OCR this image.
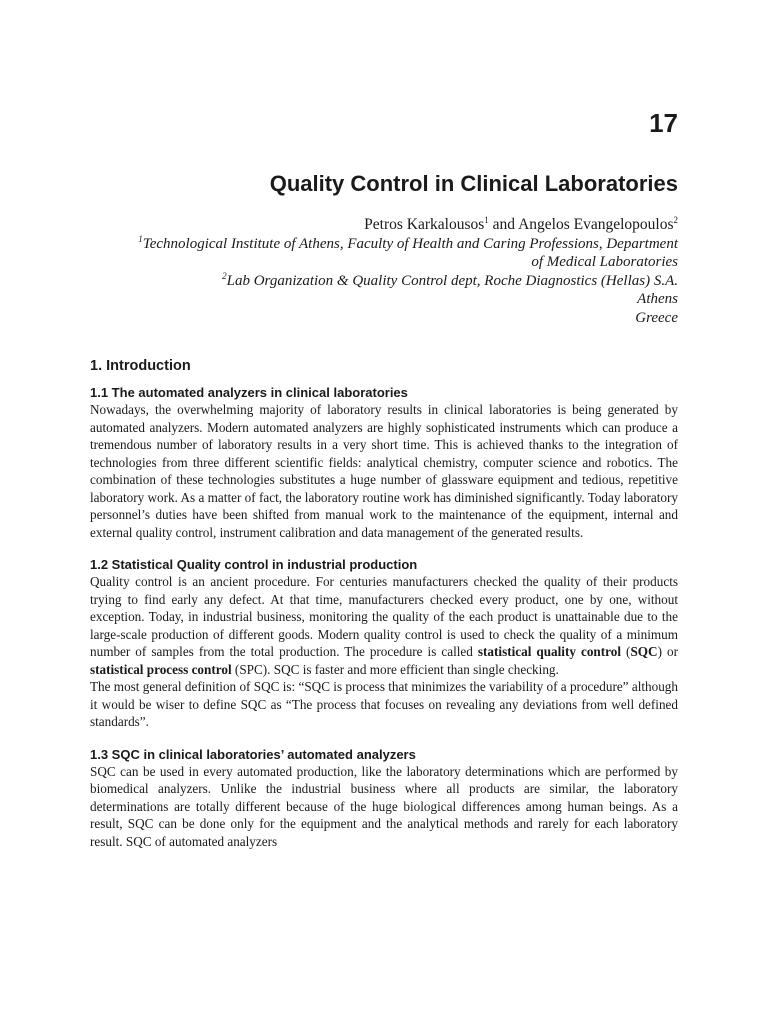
17
Quality Control in Clinical Laboratories
Petros Karkalousos$^1$ and Angelos Evangelopoulos$^2$
$^1$Technological Institute of Athens, Faculty of Health and Caring Professions, Department
of Medical Laboratories
$^2$Lab Organization & Quality Control dept, Roche Diagnostics (Hellas) S.A.
Athens
Greece
1. Introduction
1.1 The automated analyzers in clinical laboratories

Nowadays, the overwhelming majority of laboratory results in clinical laboratories is being generated by automated analyzers. Modern automated analyzers are highly sophisticated instruments which can produce a tremendous number of laboratory results in a very short time. This is achieved thanks to the integration of technologies from three different scientific fields: analytical chemistry, computer science and robotics. The combination of these technologies substitutes a huge number of glassware equipment and tedious, repetitive laboratory work. As a matter of fact, the laboratory routine work has diminished significantly. Today laboratory personnel’s duties have been shifted from manual work to the maintenance of the equipment, internal and external quality control, instrument calibration and data management of the generated results.

1.2 Statistical Quality control in industrial production

Quality control is an ancient procedure. For centuries manufacturers checked the quality of their products trying to find early any defect. At that time, manufacturers checked every product, one by one, without exception. Today, in industrial business, monitoring the quality of the each product is unattainable due to the large-scale production of different goods. Modern quality control is used to check the quality of a minimum number of samples from the total production. The procedure is called statistical quality control (SQC) or statistical process control (SPC). SQC is faster and more efficient than single checking.

The most general definition of SQC is: “SQC is process that minimizes the variability of a procedure” although it would be wiser to define SQC as “The process that focuses on revealing any deviations from well defined standards”.

1.3 SQC in clinical laboratories’ automated analyzers

SQC can be used in every automated production, like the laboratory determinations which are performed by biomedical analyzers. Unlike the industrial business where all products are similar, the laboratory determinations are totally different because of the huge biological differences among human beings. As a result, SQC can be done only for the equipment and the analytical methods and rarely for each laboratory result. SQC of automated analyzers
